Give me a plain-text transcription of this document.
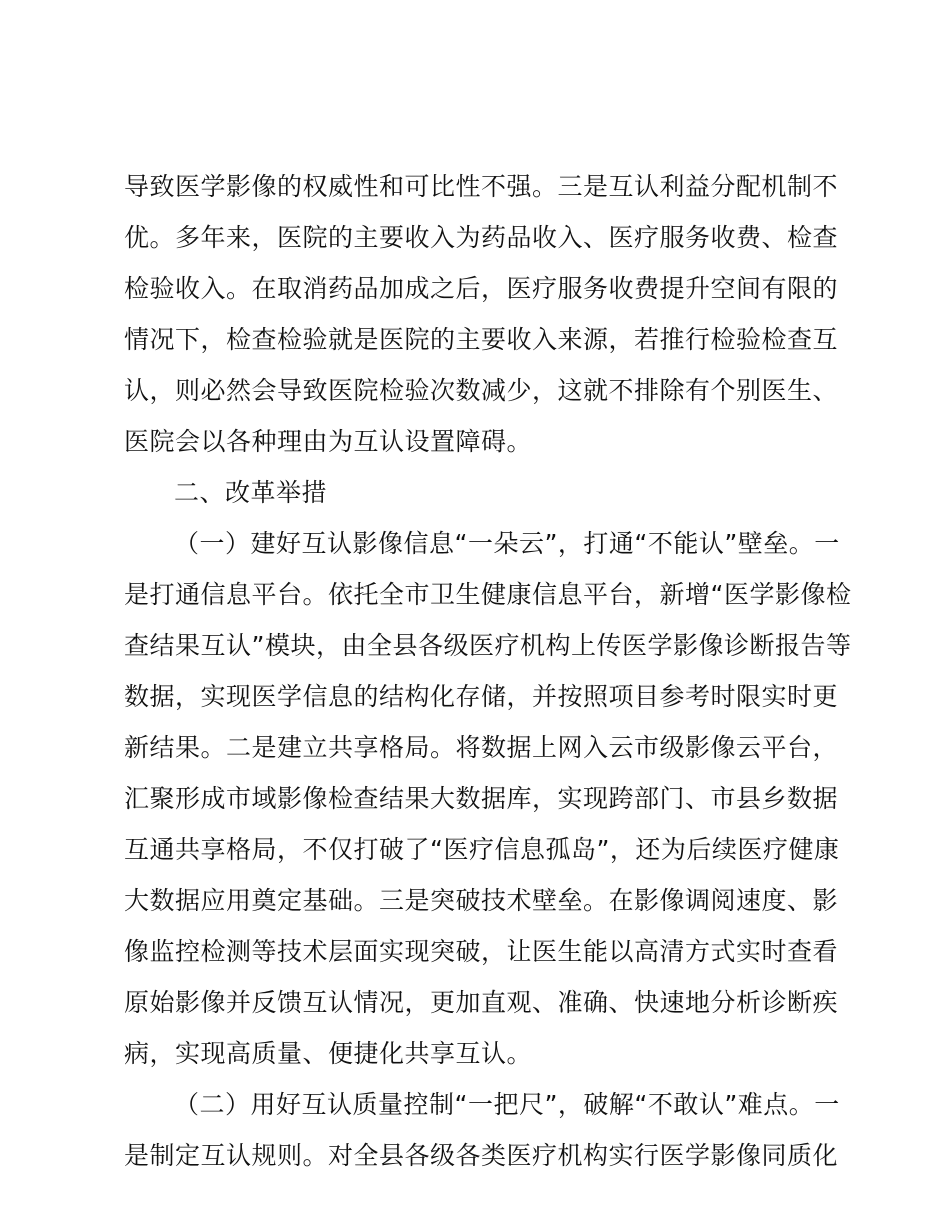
导致医学影像的权威性和可比性不强。三是互认利益分配机制不
优。多年来，医院的主要收入为药品收入、医疗服务收费、检查
检验收入。在取消药品加成之后，医疗服务收费提升空间有限的
情况下，检查检验就是医院的主要收入来源，若推行检验检查互
认，则必然会导致医院检验次数减少，这就不排除有个别医生、
医院会以各种理由为互认设置障碍。
二、改革举措
（一）建好互认影像信息“一朵云”，打通“不能认”壁垒。一
是打通信息平台。依托全市卫生健康信息平台，新增“医学影像检
查结果互认”模块，由全县各级医疗机构上传医学影像诊断报告等
数据，实现医学信息的结构化存储，并按照项目参考时限实时更
新结果。二是建立共享格局。将数据上网入云市级影像云平台，
汇聚形成市域影像检查结果大数据库，实现跨部门、市县乡数据
互通共享格局，不仅打破了“医疗信息孤岛”，还为后续医疗健康
大数据应用奠定基础。三是突破技术壁垒。在影像调阅速度、影
像监控检测等技术层面实现突破，让医生能以高清方式实时查看
原始影像并反馈互认情况，更加直观、准确、快速地分析诊断疾
病，实现高质量、便捷化共享互认。
（二）用好互认质量控制“一把尺”，破解“不敢认”难点。一
是制定互认规则。对全县各级各类医疗机构实行医学影像同质化
